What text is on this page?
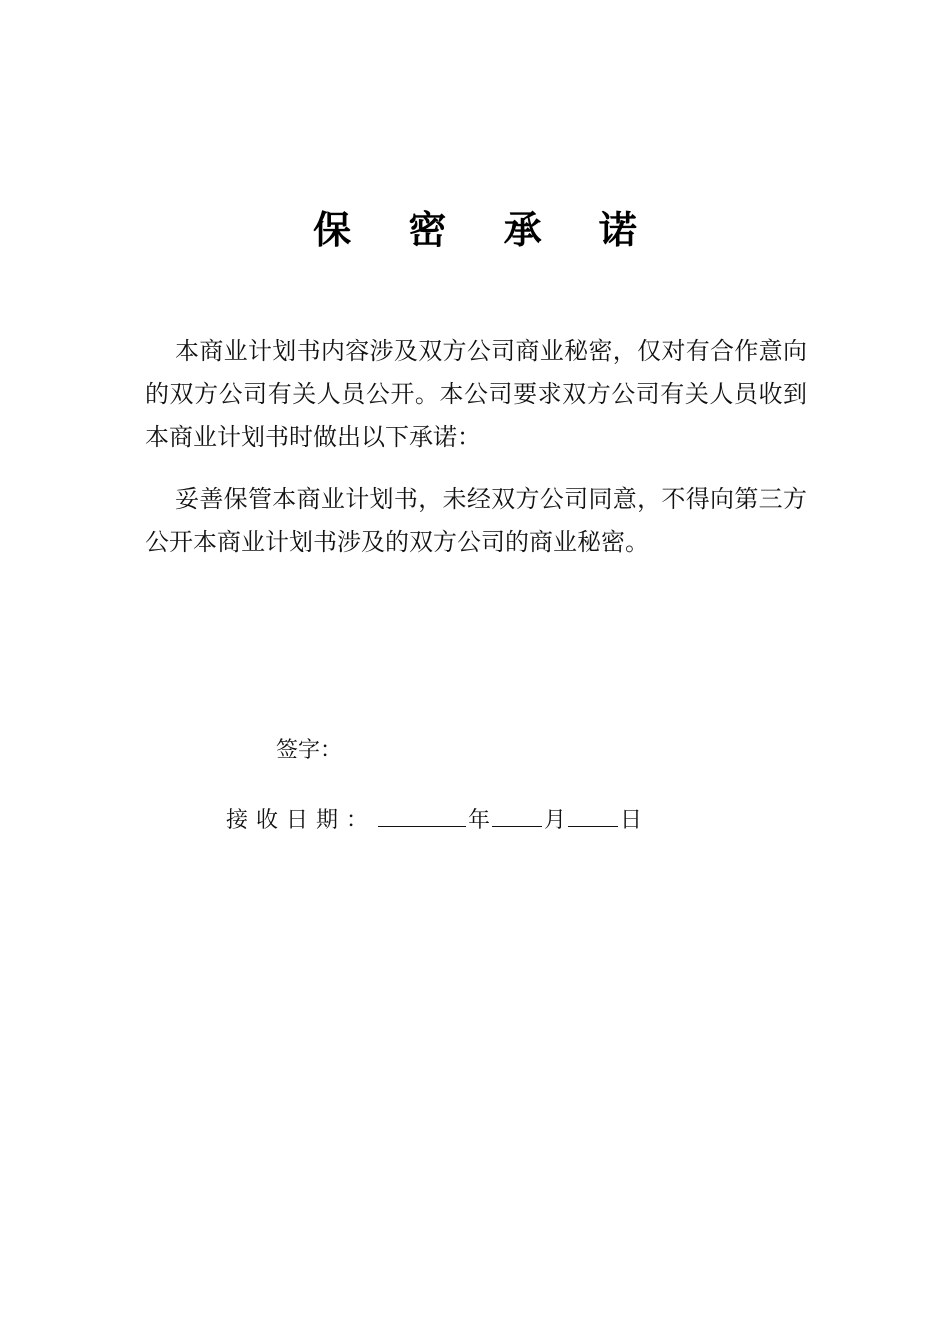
保 密 承 诺

本商业计划书内容涉及双方公司商业秘密，仅对有合作意向的双方公司有关人员公开。本公司要求双方公司有关人员收到本商业计划书时做出以下承诺：

妥善保管本商业计划书，未经双方公司同意，不得向第三方公开本商业计划书涉及的双方公司的商业秘密。

签字：
接收日期：	年 月 日
